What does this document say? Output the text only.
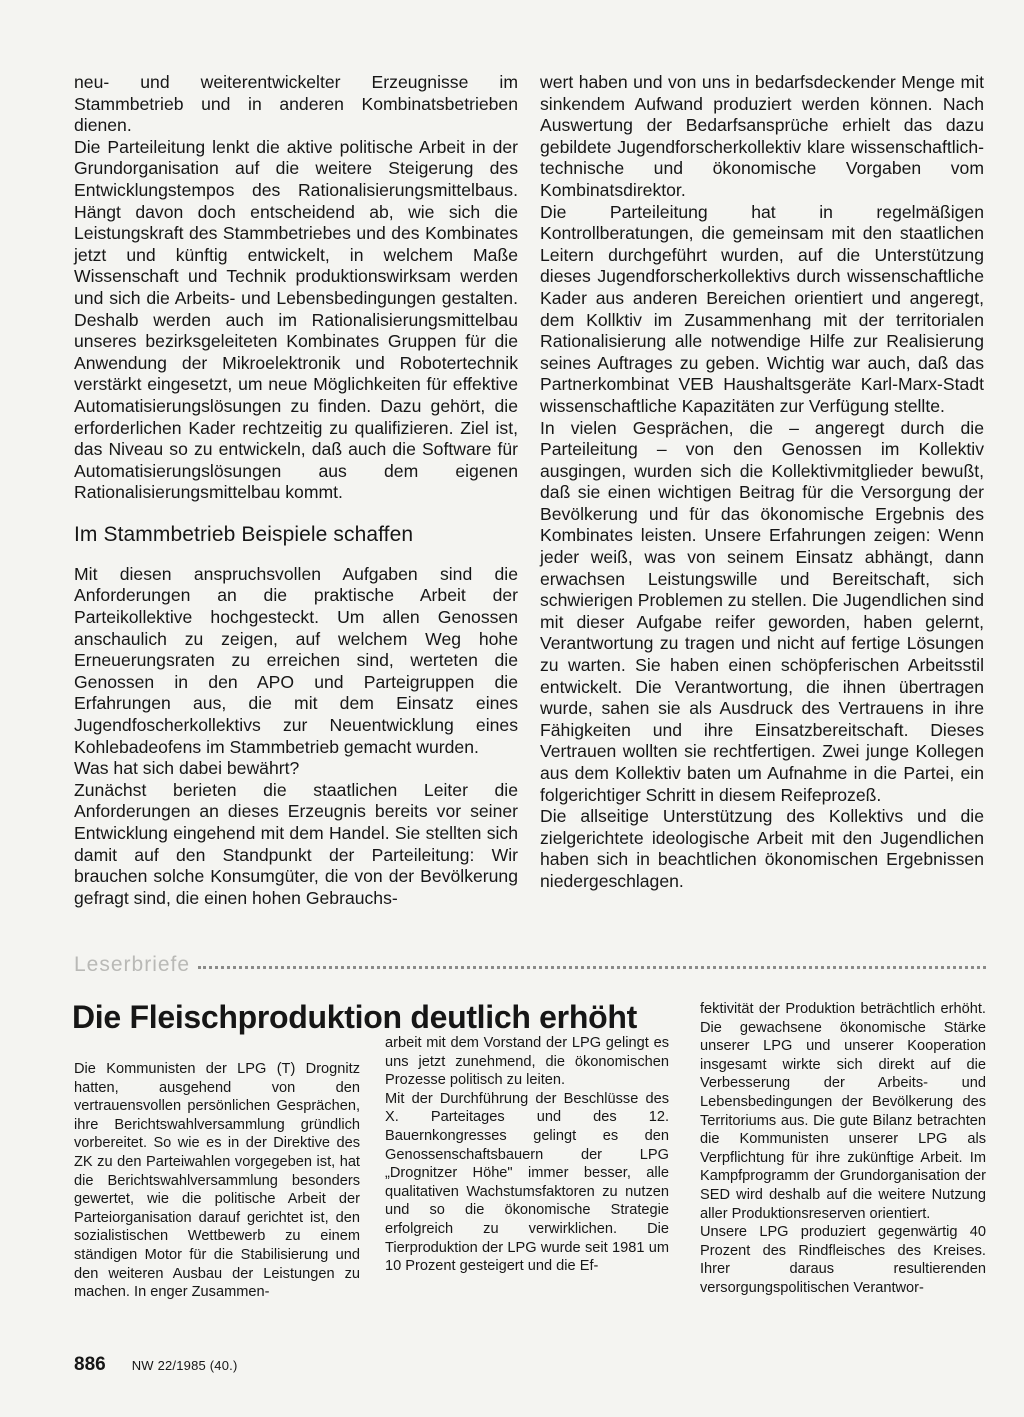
neu- und weiterentwickelter Erzeugnisse im Stammbetrieb und in anderen Kombinatsbetrieben dienen.

Die Parteileitung lenkt die aktive politische Arbeit in der Grundorganisation auf die weitere Steigerung des Entwicklungstempos des Rationalisierungsmittelbaus. Hängt davon doch entscheidend ab, wie sich die Leistungskraft des Stammbetriebes und des Kombinates jetzt und künftig entwickelt, in welchem Maße Wissenschaft und Technik produktionswirksam werden und sich die Arbeits- und Lebensbedingungen gestalten. Deshalb werden auch im Rationalisierungsmittelbau unseres bezirksgeleiteten Kombinates Gruppen für die Anwendung der Mikroelektronik und Robotertechnik verstärkt eingesetzt, um neue Möglichkeiten für effektive Automatisierungslösungen zu finden. Dazu gehört, die erforderlichen Kader rechtzeitig zu qualifizieren. Ziel ist, das Niveau so zu entwickeln, daß auch die Software für Automatisierungslösungen aus dem eigenen Rationalisierungsmittelbau kommt.

Im Stammbetrieb Beispiele schaffen

Mit diesen anspruchsvollen Aufgaben sind die Anforderungen an die praktische Arbeit der Parteikollektive hochgesteckt. Um allen Genossen anschaulich zu zeigen, auf welchem Weg hohe Erneuerungsraten zu erreichen sind, werteten die Genossen in den APO und Parteigruppen die Erfahrungen aus, die mit dem Einsatz eines Jugendfoscherkollektivs zur Neuentwicklung eines Kohlebadeofens im Stammbetrieb gemacht wurden.

Was hat sich dabei bewährt?

Zunächst berieten die staatlichen Leiter die Anforderungen an dieses Erzeugnis bereits vor seiner Entwicklung eingehend mit dem Handel. Sie stellten sich damit auf den Standpunkt der Parteileitung: Wir brauchen solche Konsumgüter, die von der Bevölkerung gefragt sind, die einen hohen Gebrauchs-

wert haben und von uns in bedarfsdeckender Menge mit sinkendem Aufwand produziert werden können. Nach Auswertung der Bedarfsansprüche erhielt das dazu gebildete Jugendforscherkollektiv klare wissenschaftlich-technische und ökonomische Vorgaben vom Kombinatsdirektor.

Die Parteileitung hat in regelmäßigen Kontrollberatungen, die gemeinsam mit den staatlichen Leitern durchgeführt wurden, auf die Unterstützung dieses Jugendforscherkollektivs durch wissenschaftliche Kader aus anderen Bereichen orientiert und angeregt, dem Kollktiv im Zusammenhang mit der territorialen Rationalisierung alle notwendige Hilfe zur Realisierung seines Auftrages zu geben. Wichtig war auch, daß das Partnerkombinat VEB Haushaltsgeräte Karl-Marx-Stadt wissenschaftliche Kapazitäten zur Verfügung stellte.

In vielen Gesprächen, die – angeregt durch die Parteileitung – von den Genossen im Kollektiv ausgingen, wurden sich die Kollektivmitglieder bewußt, daß sie einen wichtigen Beitrag für die Versorgung der Bevölkerung und für das ökonomische Ergebnis des Kombinates leisten. Unsere Erfahrungen zeigen: Wenn jeder weiß, was von seinem Einsatz abhängt, dann erwachsen Leistungswille und Bereitschaft, sich schwierigen Problemen zu stellen. Die Jugendlichen sind mit dieser Aufgabe reifer geworden, haben gelernt, Verantwortung zu tragen und nicht auf fertige Lösungen zu warten. Sie haben einen schöpferischen Arbeitsstil entwickelt. Die Verantwortung, die ihnen übertragen wurde, sahen sie als Ausdruck des Vertrauens in ihre Fähigkeiten und ihre Einsatzbereitschaft. Dieses Vertrauen wollten sie rechtfertigen. Zwei junge Kollegen aus dem Kollektiv baten um Aufnahme in die Partei, ein folgerichtiger Schritt in diesem Reifeprozeß.

Die allseitige Unterstützung des Kollektivs und die zielgerichtete ideologische Arbeit mit den Jugendlichen haben sich in beachtlichen ökonomischen Ergebnissen niedergeschlagen.

Leserbriefe
Die Fleischproduktion deutlich erhöht

Die Kommunisten der LPG (T) Drognitz hatten, ausgehend von den vertrauensvollen persönlichen Gesprächen, ihre Berichtswahlversammlung gründlich vorbereitet. So wie es in der Direktive des ZK zu den Parteiwahlen vorgegeben ist, hat die Berichtswahlversammlung besonders gewertet, wie die politische Arbeit der Parteiorganisation darauf gerichtet ist, den sozialistischen Wettbewerb zu einem ständigen Motor für die Stabilisierung und den weiteren Ausbau der Leistungen zu machen. In enger Zusammen-

arbeit mit dem Vorstand der LPG gelingt es uns jetzt zunehmend, die ökonomischen Prozesse politisch zu leiten.

Mit der Durchführung der Beschlüsse des X. Parteitages und des 12. Bauernkongresses gelingt es den Genossenschaftsbauern der LPG „Drognitzer Höhe" immer besser, alle qualitativen Wachstumsfaktoren zu nutzen und so die ökonomische Strategie erfolgreich zu verwirklichen. Die Tierproduktion der LPG wurde seit 1981 um 10 Prozent gesteigert und die Ef-

fektivität der Produktion beträchtlich erhöht. Die gewachsene ökonomische Stärke unserer LPG und unserer Kooperation insgesamt wirkte sich direkt auf die Verbesserung der Arbeits- und Lebensbedingungen der Bevölkerung des Territoriums aus. Die gute Bilanz betrachten die Kommunisten unserer LPG als Verpflichtung für ihre zukünftige Arbeit. Im Kampfprogramm der Grundorganisation der SED wird deshalb auf die weitere Nutzung aller Produktionsreserven orientiert.

Unsere LPG produziert gegenwärtig 40 Prozent des Rindfleisches des Kreises. Ihrer daraus resultierenden versorgungspolitischen Verantwor-

886 NW 22/1985 (40.)
